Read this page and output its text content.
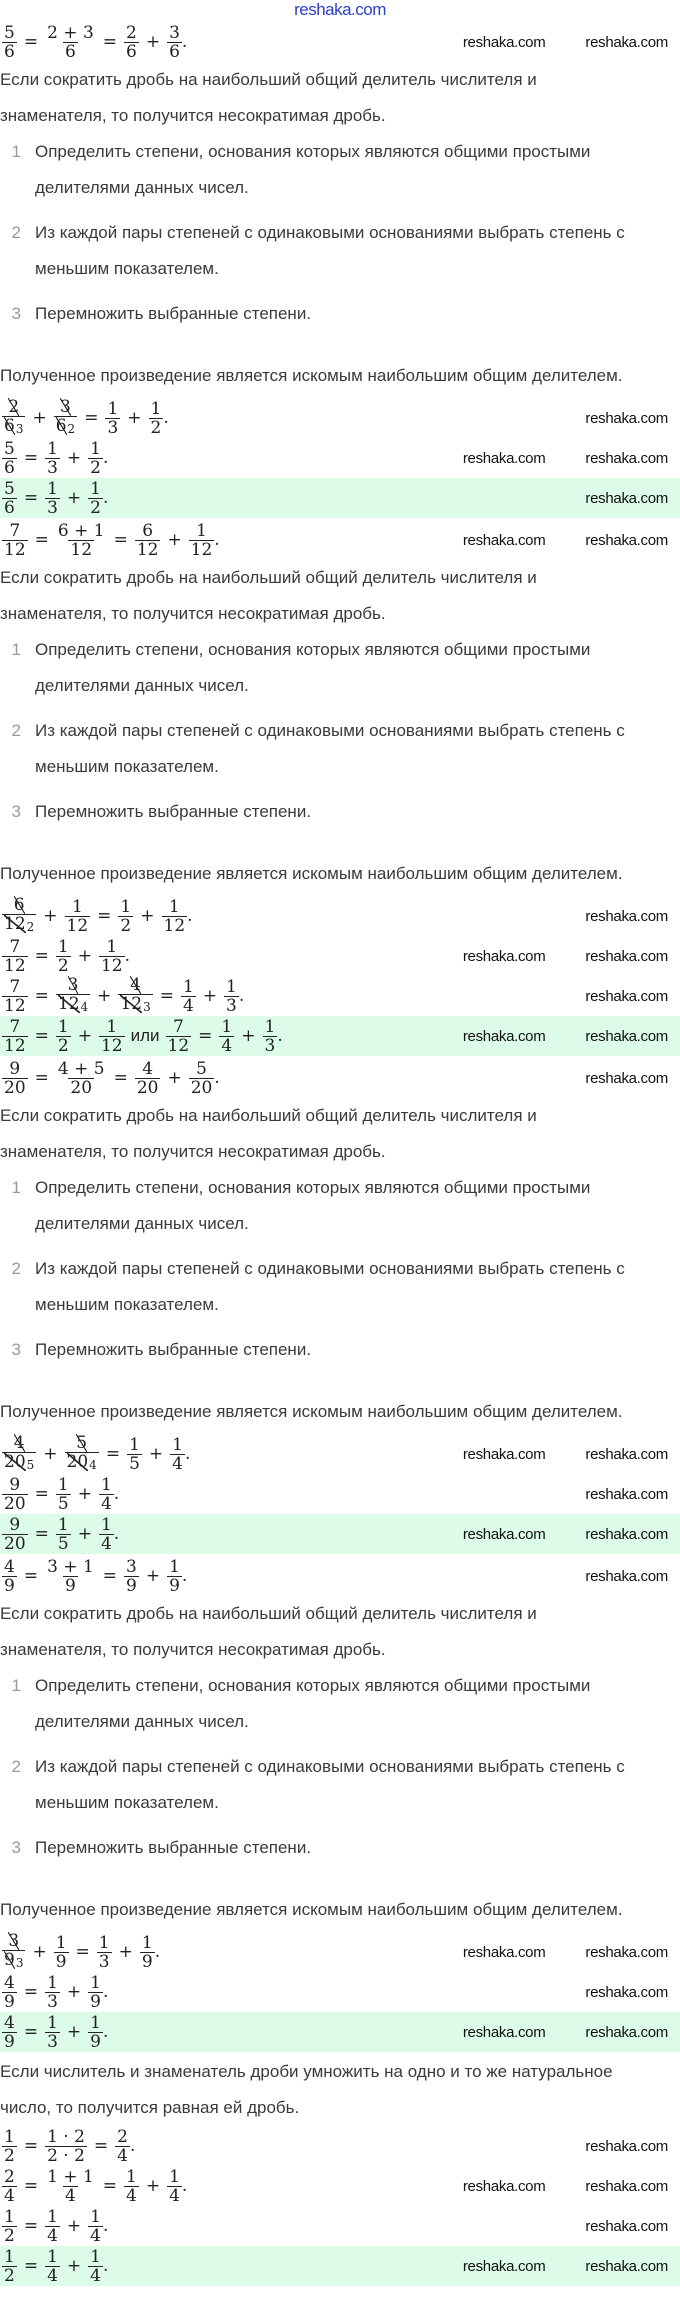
reshaka.com
$\frac{5}{6} = \frac{2 + 3}{6} = \frac{2}{6} + \frac{3}{6}$ .	reshaka.com	reshaka.com

Если сократить дробь на наибольший общий делитель числителя и

знаменателя, то получится несократимая дробь.

1 Определить степени, основания которых являются общими простыми делителями данных чисел.
2 Из каждой пары степеней с одинаковыми основаниями выбрать степень с меньшим показателем.
3 Перемножить выбранные степени.

Полученное произведение является искомым наибольшим общим делителем.

$\frac{2}{63} + \frac{3}{62} = \frac{1}{3} + \frac{1}{2}$ .	reshaka.com
$\frac{5}{6} = \frac{1}{3} + \frac{1}{2}$ .	reshaka.com	reshaka.com
$\frac{5}{6} = \frac{1}{3} + \frac{1}{2}$ .	reshaka.com
$\frac{7}{12} = \frac{6 + 1}{12} = \frac{6}{12} + \frac{1}{12}$ .	reshaka.com	reshaka.com

Если сократить дробь на наибольший общий делитель числителя и

знаменателя, то получится несократимая дробь.

1 Определить степени, основания которых являются общими простыми делителями данных чисел.
2 Из каждой пары степеней с одинаковыми основаниями выбрать степень с меньшим показателем.
3 Перемножить выбранные степени.

Полученное произведение является искомым наибольшим общим делителем.

$\frac{6}{122} + \frac{1}{12} = \frac{1}{2} + \frac{1}{12}$ .	reshaka.com
$\frac{7}{12} = \frac{1}{2} + \frac{1}{12}$ .	reshaka.com	reshaka.com
$\frac{7}{12} = \frac{3}{124} + \frac{4}{123} = \frac{1}{4} + \frac{1}{3}$ .	reshaka.com
$\frac{7}{12} = \frac{1}{2} + \frac{1}{12}$ или $\frac{7}{12} = \frac{1}{4} + \frac{1}{3}$ .	reshaka.com	reshaka.com
$\frac{9}{20} = \frac{4 + 5}{20} = \frac{4}{20} + \frac{5}{20}$ .	reshaka.com

Если сократить дробь на наибольший общий делитель числителя и

знаменателя, то получится несократимая дробь.

1 Определить степени, основания которых являются общими простыми делителями данных чисел.
2 Из каждой пары степеней с одинаковыми основаниями выбрать степень с меньшим показателем.
3 Перемножить выбранные степени.

Полученное произведение является искомым наибольшим общим делителем.

$\frac{4}{205} + \frac{5}{204} = \frac{1}{5} + \frac{1}{4}$ .	reshaka.com	reshaka.com
$\frac{9}{20} = \frac{1}{5} + \frac{1}{4}$ .	reshaka.com
$\frac{9}{20} = \frac{1}{5} + \frac{1}{4}$ .	reshaka.com	reshaka.com
$\frac{4}{9} = \frac{3 + 1}{9} = \frac{3}{9} + \frac{1}{9}$ .	reshaka.com

Если сократить дробь на наибольший общий делитель числителя и

знаменателя, то получится несократимая дробь.

1 Определить степени, основания которых являются общими простыми делителями данных чисел.
2 Из каждой пары степеней с одинаковыми основаниями выбрать степень с меньшим показателем.
3 Перемножить выбранные степени.

Полученное произведение является искомым наибольшим общим делителем.

$\frac{3}{93} + \frac{1}{9} = \frac{1}{3} + \frac{1}{9}$ .	reshaka.com	reshaka.com
$\frac{4}{9} = \frac{1}{3} + \frac{1}{9}$ .	reshaka.com
$\frac{4}{9} = \frac{1}{3} + \frac{1}{9}$ .	reshaka.com	reshaka.com

Если числитель и знаменатель дроби умножить на одно и то же натуральное

число, то получится равная ей дробь.

$\frac{1}{2} = \frac{1 \cdot 2}{2 \cdot 2} = \frac{2}{4}$ .	reshaka.com
$\frac{2}{4} = \frac{1 + 1}{4} = \frac{1}{4} + \frac{1}{4}$ .	reshaka.com	reshaka.com
$\frac{1}{2} = \frac{1}{4} + \frac{1}{4}$ .	reshaka.com
$\frac{1}{2} = \frac{1}{4} + \frac{1}{4}$ .	reshaka.com	reshaka.com
